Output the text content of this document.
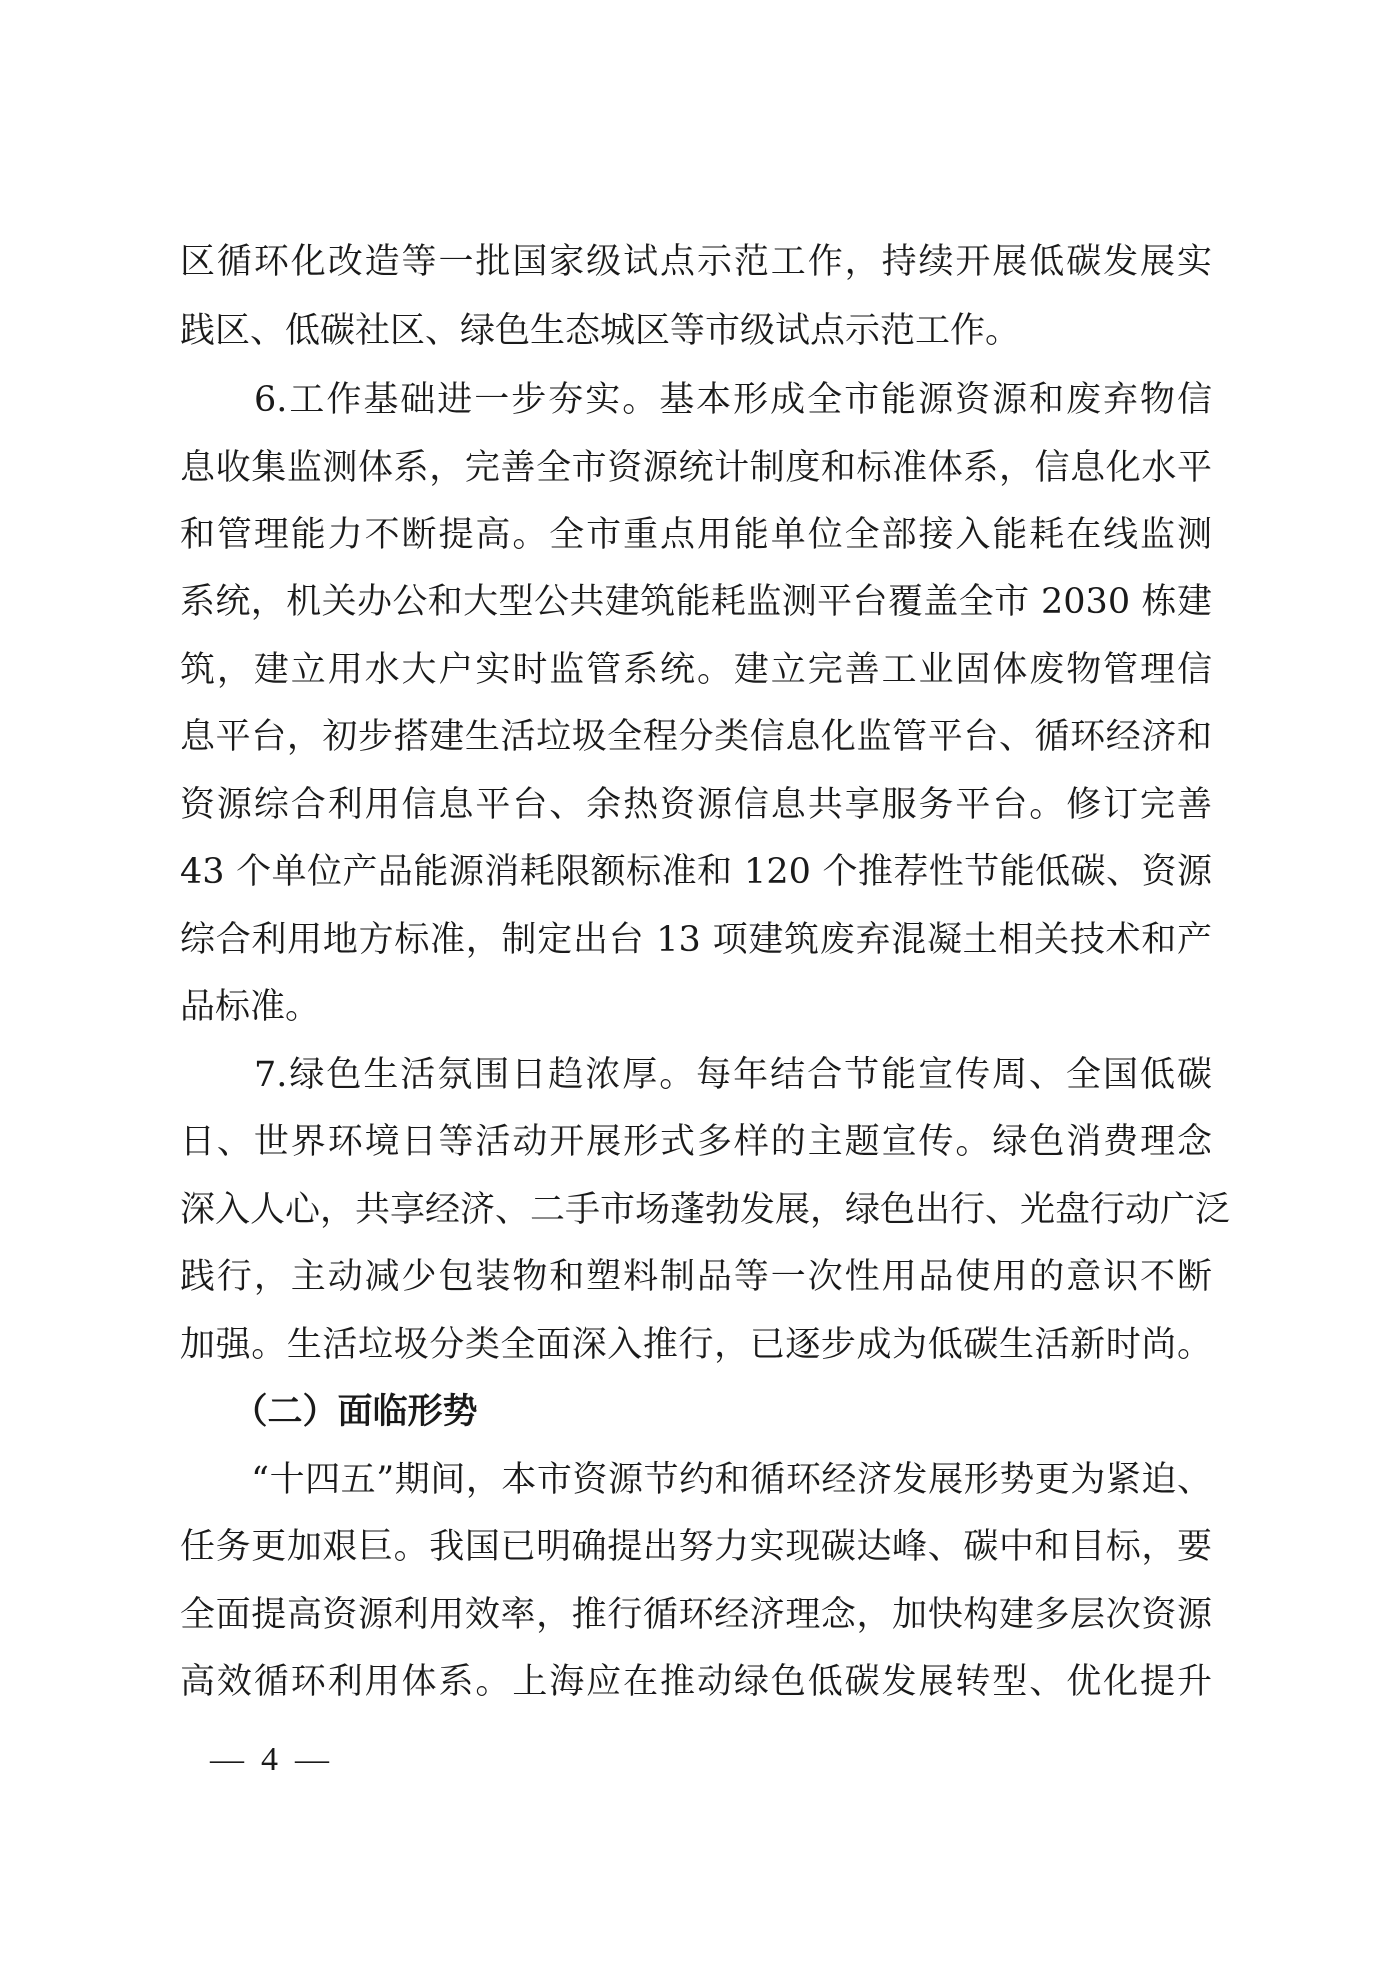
区循环化改造等一批国家级试点示范工作，持续开展低碳发展实
践区、低碳社区、绿色生态城区等市级试点示范工作。
　　6.工作基础进一步夯实。基本形成全市能源资源和废弃物信
息收集监测体系，完善全市资源统计制度和标准体系，信息化水平
和管理能力不断提高。全市重点用能单位全部接入能耗在线监测
系统，机关办公和大型公共建筑能耗监测平台覆盖全市 2030 栋建
筑，建立用水大户实时监管系统。建立完善工业固体废物管理信
息平台，初步搭建生活垃圾全程分类信息化监管平台、循环经济和
资源综合利用信息平台、余热资源信息共享服务平台。修订完善
43 个单位产品能源消耗限额标准和 120 个推荐性节能低碳、资源
综合利用地方标准，制定出台 13 项建筑废弃混凝土相关技术和产
品标准。
　　7.绿色生活氛围日趋浓厚。每年结合节能宣传周、全国低碳
日、世界环境日等活动开展形式多样的主题宣传。绿色消费理念
深入人心，共享经济、二手市场蓬勃发展，绿色出行、光盘行动广泛
践行，主动减少包装物和塑料制品等一次性用品使用的意识不断
加强。生活垃圾分类全面深入推行，已逐步成为低碳生活新时尚。
　　（二）面临形势
　　“十四五”期间，本市资源节约和循环经济发展形势更为紧迫、
任务更加艰巨。我国已明确提出努力实现碳达峰、碳中和目标，要
全面提高资源利用效率，推行循环经济理念，加快构建多层次资源
高效循环利用体系。上海应在推动绿色低碳发展转型、优化提升
—  4  —
